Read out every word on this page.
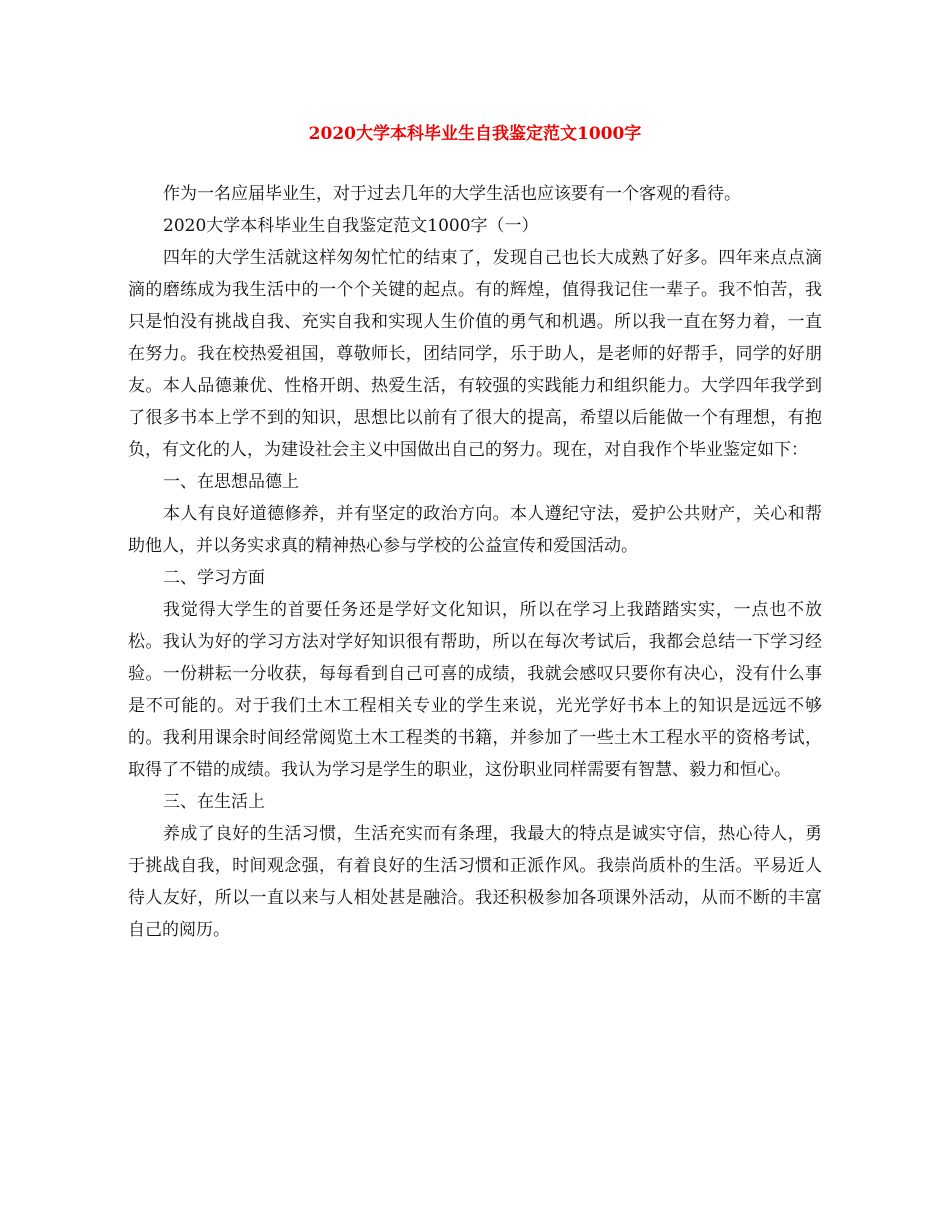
2020大学本科毕业生自我鉴定范文1000字

作为一名应届毕业生，对于过去几年的大学生活也应该要有一个客观的看待。

2020大学本科毕业生自我鉴定范文1000字（一）

四年的大学生活就这样匆匆忙忙的结束了，发现自己也长大成熟了好多。四年来点点滴滴的磨练成为我生活中的一个个关键的起点。有的辉煌，值得我记住一辈子。我不怕苦，我只是怕没有挑战自我、充实自我和实现人生价值的勇气和机遇。所以我一直在努力着，一直在努力。我在校热爱祖国，尊敬师长，团结同学，乐于助人，是老师的好帮手，同学的好朋友。本人品德兼优、性格开朗、热爱生活，有较强的实践能力和组织能力。大学四年我学到了很多书本上学不到的知识，思想比以前有了很大的提高，希望以后能做一个有理想，有抱负，有文化的人，为建设社会主义中国做出自己的努力。现在，对自我作个毕业鉴定如下：

一、在思想品德上

本人有良好道德修养，并有坚定的政治方向。本人遵纪守法，爱护公共财产，关心和帮助他人，并以务实求真的精神热心参与学校的公益宣传和爱国活动。

二、学习方面

我觉得大学生的首要任务还是学好文化知识，所以在学习上我踏踏实实，一点也不放松。我认为好的学习方法对学好知识很有帮助，所以在每次考试后，我都会总结一下学习经验。一份耕耘一分收获，每每看到自己可喜的成绩，我就会感叹只要你有决心，没有什么事是不可能的。对于我们土木工程相关专业的学生来说，光光学好书本上的知识是远远不够的。我利用课余时间经常阅览土木工程类的书籍，并参加了一些土木工程水平的资格考试，取得了不错的成绩。我认为学习是学生的职业，这份职业同样需要有智慧、毅力和恒心。

三、在生活上

养成了良好的生活习惯，生活充实而有条理，我最大的特点是诚实守信，热心待人，勇于挑战自我，时间观念强，有着良好的生活习惯和正派作风。我崇尚质朴的生活。平易近人待人友好，所以一直以来与人相处甚是融洽。我还积极参加各项课外活动，从而不断的丰富自己的阅历。
